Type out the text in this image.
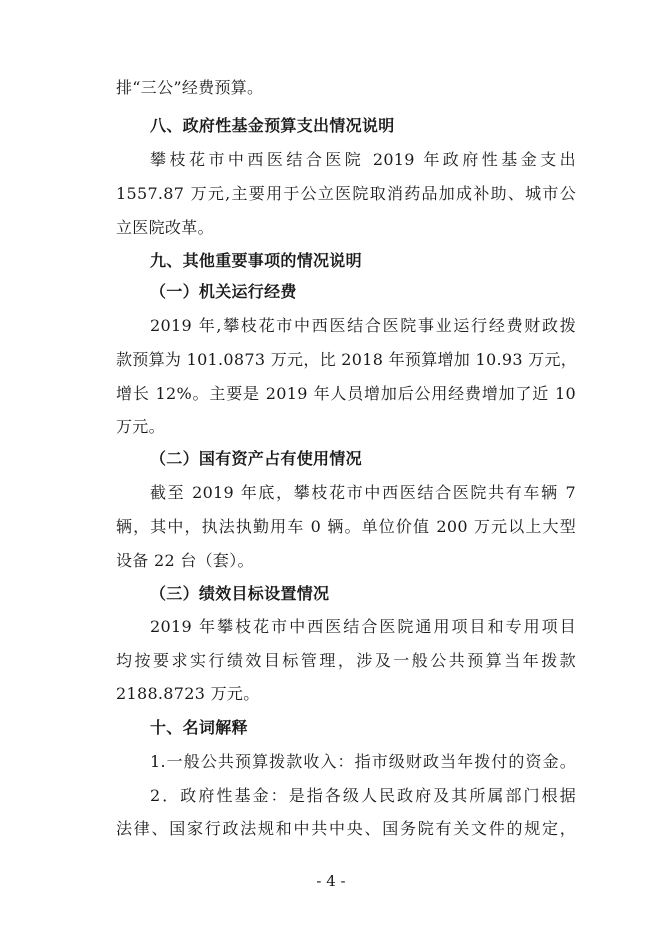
排“三公”经费预算。
八、政府性基金预算支出情况说明
攀枝花市中西医结合医院 2019 年政府性基金支出
1557.87 万元,主要用于公立医院取消药品加成补助、城市公
立医院改革。
九、其他重要事项的情况说明
（一）机关运行经费
2019 年,攀枝花市中西医结合医院事业运行经费财政拨
款预算为 101.0873 万元，比 2018 年预算增加 10.93 万元，
增长 12%。主要是 2019 年人员增加后公用经费增加了近 10
万元。
（二）国有资产占有使用情况
截至 2019 年底，攀枝花市中西医结合医院共有车辆 7
辆，其中，执法执勤用车 0 辆。单位价值 200 万元以上大型
设备 22 台（套）。
（三）绩效目标设置情况
2019 年攀枝花市中西医结合医院通用项目和专用项目
均按要求实行绩效目标管理，涉及一般公共预算当年拨款
2188.8723 万元。
十、名词解释
1.一般公共预算拨款收入：指市级财政当年拨付的资金。
2．政府性基金：是指各级人民政府及其所属部门根据
法律、国家行政法规和中共中央、国务院有关文件的规定，
- 4 -
